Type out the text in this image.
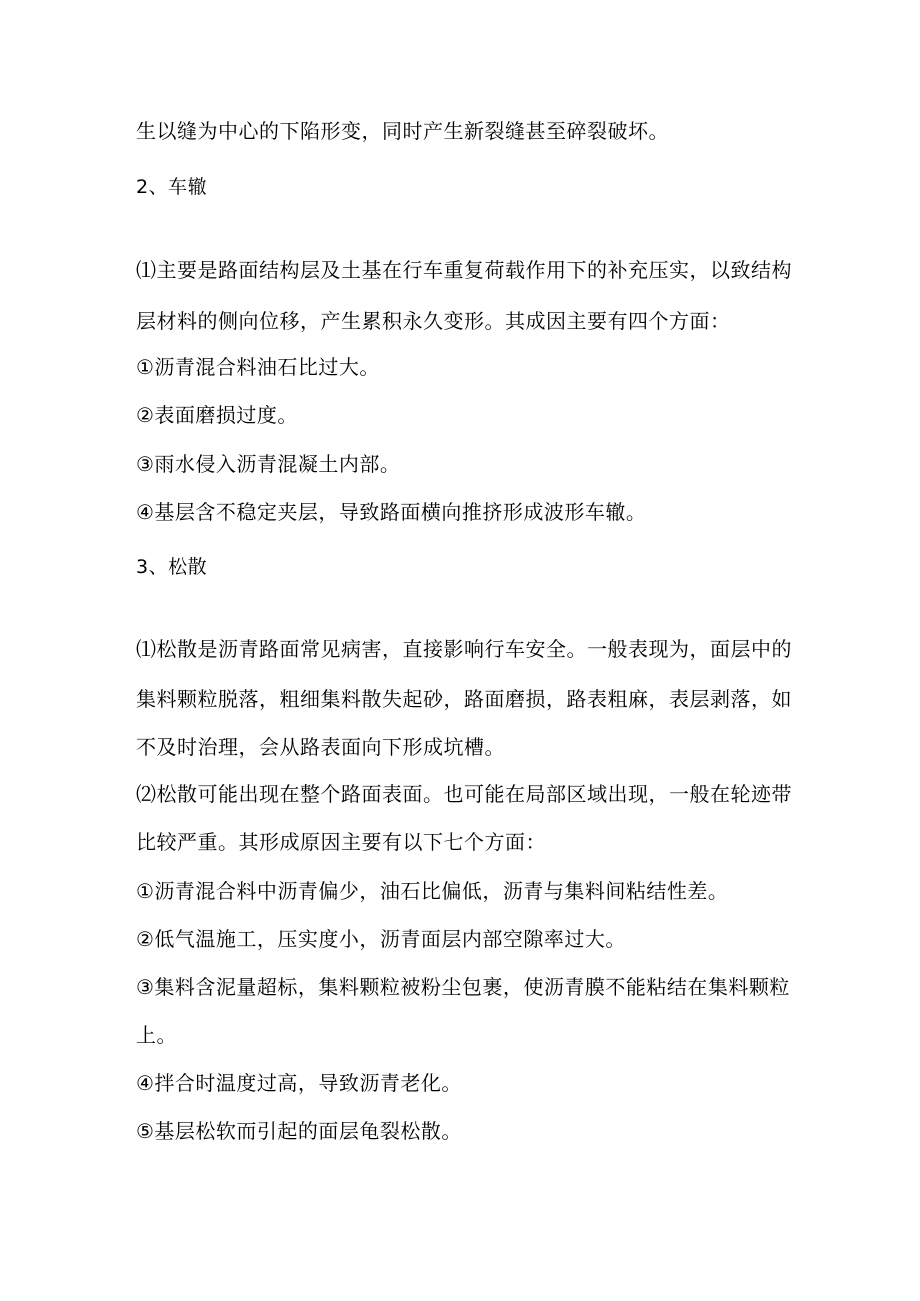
生以缝为中心的下陷形变，同时产生新裂缝甚至碎裂破坏。
2、车辙
⑴主要是路面结构层及土基在行车重复荷载作用下的补充压实，以致结构
层材料的侧向位移，产生累积永久变形。其成因主要有四个方面：
①沥青混合料油石比过大。
②表面磨损过度。
③雨水侵入沥青混凝土内部。
④基层含不稳定夹层，导致路面横向推挤形成波形车辙。
3、松散
⑴松散是沥青路面常见病害，直接影响行车安全。一般表现为，面层中的
集料颗粒脱落，粗细集料散失起砂，路面磨损，路表粗麻，表层剥落，如
不及时治理，会从路表面向下形成坑槽。
⑵松散可能出现在整个路面表面。也可能在局部区域出现，一般在轮迹带
比较严重。其形成原因主要有以下七个方面：
①沥青混合料中沥青偏少，油石比偏低，沥青与集料间粘结性差。
②低气温施工，压实度小，沥青面层内部空隙率过大。
③集料含泥量超标，集料颗粒被粉尘包裹，使沥青膜不能粘结在集料颗粒
上。
④拌合时温度过高，导致沥青老化。
⑤基层松软而引起的面层龟裂松散。
